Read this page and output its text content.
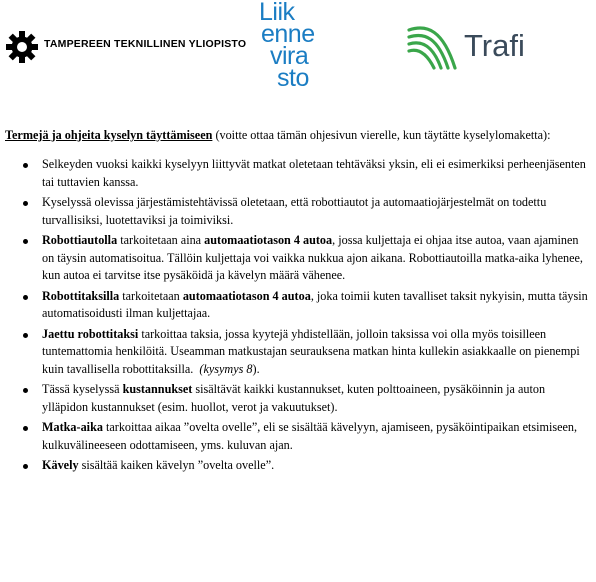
TAMPEREEN TEKNILLINEN YLIOPISTO
Liik
enne
vira
sto
Trafi
Termejä ja ohjeita kyselyn täyttämiseen (voitte ottaa tämän ohjesivun vierelle, kun täytätte kyselylomaketta):
Selkeyden vuoksi kaikki kyselyyn liittyvät matkat oletetaan tehtäväksi yksin, eli ei esimerkiksi perheenjäsenten tai tuttavien kanssa.
Kyselyssä olevissa järjestämistehtävissä oletetaan, että robottiautot ja automaatiojärjestelmät on todettu turvallisiksi, luotettaviksi ja toimiviksi.
Robottiautolla tarkoitetaan aina automaatiotason 4 autoa, jossa kuljettaja ei ohjaa itse autoa, vaan ajaminen on täysin automatisoitua. Tällöin kuljettaja voi vaikka nukkua ajon aikana. Robottiautoilla matka-aika lyhenee, kun autoa ei tarvitse itse pysäköidä ja kävelyn määrä vähenee.
Robottitaksilla tarkoitetaan automaatiotason 4 autoa, joka toimii kuten tavalliset taksit nykyisin, mutta täysin automatisoidusti ilman kuljettajaa.
Jaettu robottitaksi tarkoittaa taksia, jossa kyytejä yhdistellään, jolloin taksissa voi olla myös toisilleen tuntemattomia henkilöitä. Useamman matkustajan seurauksena matkan hinta kullekin asiakkaalle on pienempi kuin tavallisella robottitaksilla. (kysymys 8).
Tässä kyselyssä kustannukset sisältävät kaikki kustannukset, kuten polttoaineen, pysäköinnin ja auton ylläpidon kustannukset (esim. huollot, verot ja vakuutukset).
Matka-aika tarkoittaa aikaa ”ovelta ovelle”, eli se sisältää kävelyyn, ajamiseen, pysäköintipaikan etsimiseen, kulkuvälineeseen odottamiseen, yms. kuluvan ajan.
Kävely sisältää kaiken kävelyn ”ovelta ovelle”.
